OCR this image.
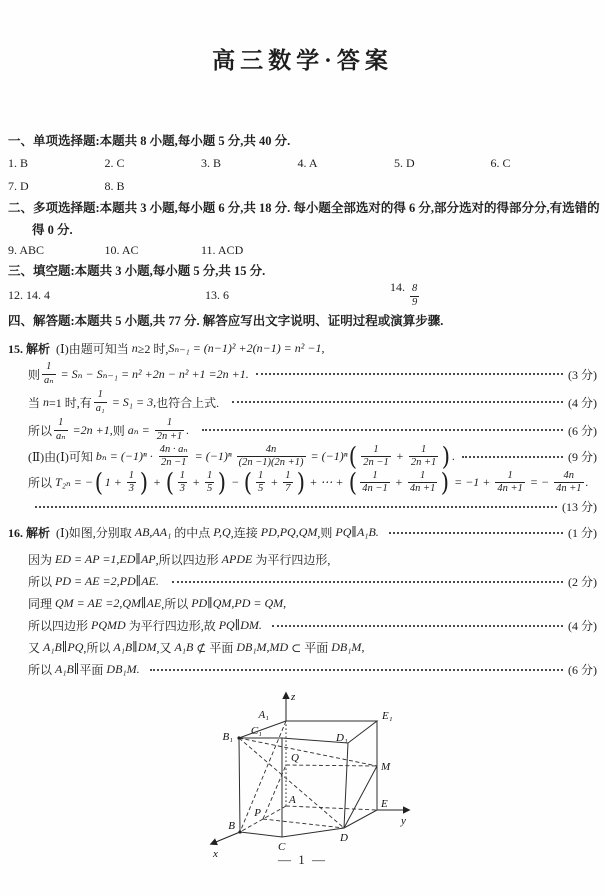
高三数学·答案
一、单项选择题:本题共 8 小题,每小题 5 分,共 40 分.
1. B	2. C	3. B	4. A	5. D	6. C
7. D	8. B
二、多项选择题:本题共 3 小题,每小题 6 分,共 18 分. 每小题全部选对的得 6 分,部分选对的得部分分,有选错的
得 0 分.
9. ABC	10. AC	11. ACD
三、填空题:本题共 3 小题,每小题 5 分,共 15 分.
12. 14. 4	13. 6
14. $\frac{8}{9}$
四、解答题:本题共 5 小题,共 77 分. 解答应写出文字说明、证明过程或演算步骤.
15. 解析 (Ⅰ)由题可知当 n ≥2 时, Sₙ₋₁ = (n−1)² +2(n−1) = n² −1,
则 $\frac{1}{\text{aₙ}} = S_n - S_{n-1} = n^2 +2n - n^2 +1 =2n +1$.	(3 分)
当 n =1 时,有 $\frac{1}{\text{a₁}} = S_1 = 3$, 也符合上式.	(4 分)
所以 $\frac{1}{\text{aₙ}} =2n +1$, 则 $a_n = \frac{1}{2n +1}$ .	(6 分)
(Ⅱ)由(Ⅰ)可知 $b_n = (-1)^n \cdot \frac{\text{4n · aₙ}}{2n -1} = (-1)^n \frac{4n}{(2n -1)(2n +1)} = (-1)^n$ ( $\frac{1}{2n -1} + \frac{1}{2n +1}$ ) .	(9 分)
所以 T₂ₙ = − ( $1 + \frac{1}{3}$ ) + ( $\frac{1}{3} + \frac{1}{5}$ ) − ( $\frac{1}{5} + \frac{1}{7}$ ) + ⋯ + ( $\frac{1}{4n -1} + \frac{1}{4n +1}$ ) = $-1 + \frac{1}{4n +1}$ = − $\frac{4n}{4n +1}$ .
(13 分)
16. 解析 (Ⅰ)如图,分别取 AB,AA₁ 的中点 P,Q ,连接 PD,PQ,QM ,则 PQ∥A₁B.	(1 分)
因为 ED = AP =1,ED∥AP ,所以四边形 APDE 为平行四边形,
所以 PD = AE =2,PD∥AE.	(2 分)
同理 QM = AE =2,QM∥AE ,所以 PD∥QM,PD = QM ,
所以四边形 PQMD 为平行四边形,故 PQ∥DM.	(4 分)
又 A₁B∥PQ ,所以 A₁B∥DM ,又 A₁B ⊄ 平面 DB₁M,MD ⊂ 平面 DB₁M ,
所以 A₁B∥ 平面 DB₁M.	(6 分)
A₁
C₁
B₁	D₁
E₁
Q
M
A	E
P
B
C
D
z
y
x	— 1 —
